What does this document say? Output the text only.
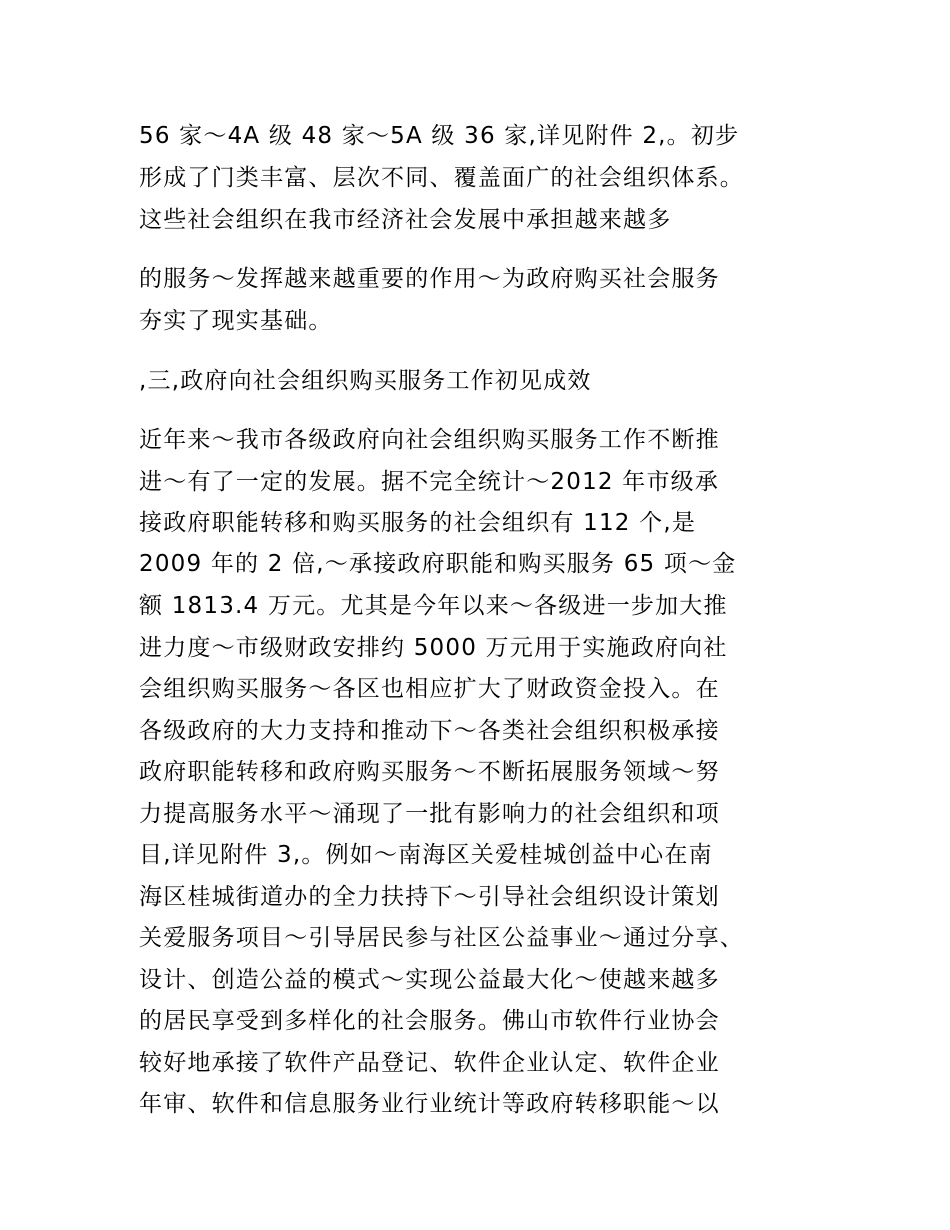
56 家～4A 级 48 家～5A 级 36 家,详见附件 2,。初步
形成了门类丰富、层次不同、覆盖面广的社会组织体系。
这些社会组织在我市经济社会发展中承担越来越多
的服务～发挥越来越重要的作用～为政府购买社会服务
夯实了现实基础。
,三,政府向社会组织购买服务工作初见成效
近年来～我市各级政府向社会组织购买服务工作不断推
进～有了一定的发展。据不完全统计～2012 年市级承
接政府职能转移和购买服务的社会组织有 112 个,是
2009 年的 2 倍,～承接政府职能和购买服务 65 项～金
额 1813.4 万元。尤其是今年以来～各级进一步加大推
进力度～市级财政安排约 5000 万元用于实施政府向社
会组织购买服务～各区也相应扩大了财政资金投入。在
各级政府的大力支持和推动下～各类社会组织积极承接
政府职能转移和政府购买服务～不断拓展服务领域～努
力提高服务水平～涌现了一批有影响力的社会组织和项
目,详见附件 3,。例如～南海区关爱桂城创益中心在南
海区桂城街道办的全力扶持下～引导社会组织设计策划
关爱服务项目～引导居民参与社区公益事业～通过分享、
设计、创造公益的模式～实现公益最大化～使越来越多
的居民享受到多样化的社会服务。佛山市软件行业协会
较好地承接了软件产品登记、软件企业认定、软件企业
年审、软件和信息服务业行业统计等政府转移职能～以
